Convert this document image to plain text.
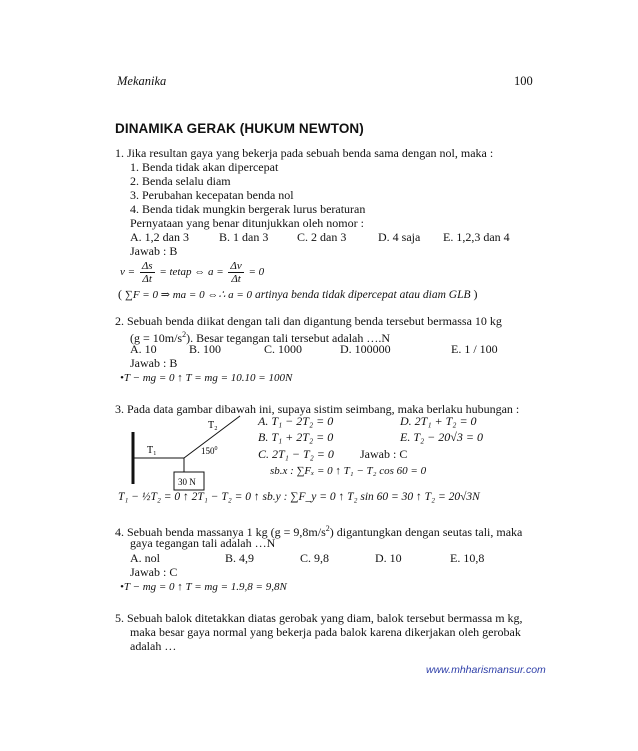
Mekanika	100
DINAMIKA GERAK (HUKUM NEWTON)
1. Jika resultan gaya yang bekerja pada sebuah benda sama dengan nol, maka :
1. Benda tidak akan dipercepat
2. Benda selalu diam
3. Perubahan kecepatan benda nol
4. Benda tidak mungkin bergerak lurus beraturan
Pernyataan yang benar ditunjukkan oleh nomor :
A. 1,2 dan 3	B. 1 dan 3 C. 2 dan 3	D. 4 saja E. 1,2,3 dan 4
Jawab : B
$v = \frac{\Delta s}{\Delta t}$ = tetap ⇔ $a = \frac{\Delta v}{\Delta t} = 0$
( ∑F = 0 ⇒ ma = 0 ⇔∴ a = 0 artinya benda tidak dipercepat atau diam GLB )
2. Sebuah benda diikat dengan tali dan digantung benda tersebut bermassa 10 kg
$(g = 10m/s^2)$. Besar tegangan tali tersebut adalah ….N
A. 10	B. 100	C. 1000	D. 100000	E. 1 / 100
Jawab : B
•T − mg = 0 ↑ T = mg = 10.10 = 100N
3. Pada data gambar dibawah ini, supaya sistim seimbang, maka berlaku hubungan :
T₂
T₁	$150^0$
30 N
A. T₁ − 2T₂ = 0	D. 2T₁ + T₂ = 0
B. T₁ + 2T₂ = 0	E. T₂ − 20√3 = 0
C. 2T₁ − T₂ = 0 Jawab : C
sb.x : ∑Fₓ = 0 ↑ T₁ − T₂ cos 60 = 0
T₁ − ½T₂ = 0 ↑ 2T₁ − T₂ = 0 ↑ sb.y : ∑F_y = 0 ↑ T₂ sin 60 = 30 ↑ T₂ = 20√3N
4. Sebuah benda massanya 1 kg $(g = 9,8m/s^2)$ digantungkan dengan seutas tali, maka
gaya tegangan tali adalah …N
A. nol	B. 4,9	C. 9,8	D. 10	E. 10,8
Jawab : C
•T − mg = 0 ↑ T = mg = 1.9,8 = 9,8N
5. Sebuah balok ditetakkan diatas gerobak yang diam, balok tersebut bermassa m kg,
maka besar gaya normal yang bekerja pada balok karena dikerjakan oleh gerobak
adalah …
www.mhharismansur.com
